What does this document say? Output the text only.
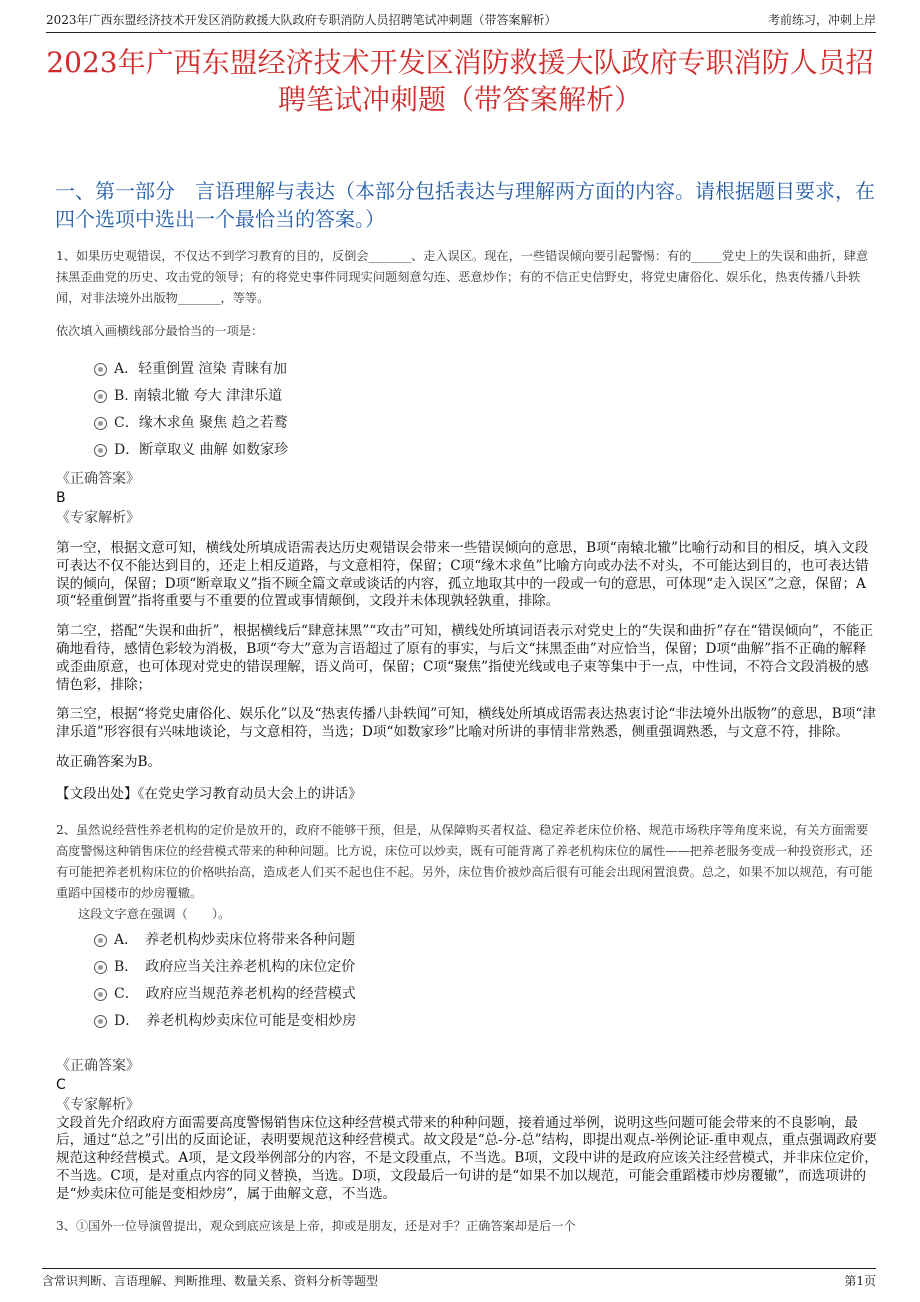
2023年广西东盟经济技术开发区消防救援大队政府专职消防人员招聘笔试冲刺题（带答案解析）	考前练习，冲刺上岸
2023年广西东盟经济技术开发区消防救援大队政府专职消防人员招聘笔试冲刺题（带答案解析）
一、第一部分　言语理解与表达（本部分包括表达与理解两方面的内容。请根据题目要求，在四个选项中选出一个最恰当的答案。）

1、如果历史观错误，不仅达不到学习教育的目的，反倒会_______、走入误区。现在，一些错误倾向要引起警惕：有的_____党史上的失误和曲折，肆意抹黑歪曲党的历史、攻击党的领导；有的将党史事件同现实问题刻意勾连、恶意炒作；有的不信正史信野史，将党史庸俗化、娱乐化，热衷传播八卦轶闻，对非法境外出版物_______，等等。

依次填入画横线部分最恰当的一项是：

A．轻重倒置 渲染 青睐有加
B. 南辕北辙 夸大 津津乐道
C．缘木求鱼 聚焦 趋之若鹜
D．断章取义 曲解 如数家珍

《正确答案》

B

《专家解析》

第一空，根据文意可知，横线处所填成语需表达历史观错误会带来一些错误倾向的意思，B项“南辕北辙”比喻行动和目的相反，填入文段可表达不仅不能达到目的，还走上相反道路，与文意相符，保留；C项“缘木求鱼”比喻方向或办法不对头，不可能达到目的，也可表达错误的倾向，保留；D项“断章取义”指不顾全篇文章或谈话的内容，孤立地取其中的一段或一句的意思，可体现“走入误区”之意，保留；A项“轻重倒置”指将重要与不重要的位置或事情颠倒，文段并未体现孰轻孰重，排除。

第二空，搭配“失误和曲折”，根据横线后“肆意抹黑”“攻击”可知，横线处所填词语表示对党史上的“失误和曲折”存在“错误倾向”，不能正确地看待，感情色彩较为消极，B项“夸大”意为言语超过了原有的事实，与后文“抹黑歪曲”对应恰当，保留；D项“曲解”指不正确的解释或歪曲原意，也可体现对党史的错误理解，语义尚可，保留；C项“聚焦”指使光线或电子束等集中于一点，中性词，不符合文段消极的感情色彩，排除；

第三空，根据“将党史庸俗化、娱乐化”以及“热衷传播八卦轶闻”可知，横线处所填成语需表达热衷讨论“非法境外出版物”的意思，B项“津津乐道”形容很有兴味地谈论，与文意相符，当选；D项“如数家珍”比喻对所讲的事情非常熟悉，侧重强调熟悉，与文意不符，排除。

故正确答案为B。

【文段出处】《在党史学习教育动员大会上的讲话》

2、虽然说经营性养老机构的定价是放开的，政府不能够干预，但是，从保障购买者权益、稳定养老床位价格、规范市场秩序等角度来说，有关方面需要高度警惕这种销售床位的经营模式带来的种种问题。比方说，床位可以炒卖，既有可能背离了养老机构床位的属性——把养老服务变成一种投资形式，还有可能把养老机构床位的价格哄抬高，造成老人们买不起也住不起。另外，床位售价被炒高后很有可能会出现闲置浪费。总之，如果不加以规范，有可能重蹈中国楼市的炒房覆辙。

这段文字意在强调（　　）。

A．　养老机构炒卖床位将带来各种问题
B．　政府应当关注养老机构的床位定价
C．　政府应当规范养老机构的经营模式
D．　养老机构炒卖床位可能是变相炒房

《正确答案》

C

《专家解析》

文段首先介绍政府方面需要高度警惕销售床位这种经营模式带来的种种问题，接着通过举例，说明这些问题可能会带来的不良影响，最后，通过“总之”引出的反面论证，表明要规范这种经营模式。故文段是“总-分-总”结构，即提出观点-举例论证-重申观点，重点强调政府要规范这种经营模式。A项，是文段举例部分的内容，不是文段重点，不当选。B项，文段中讲的是政府应该关注经营模式，并非床位定价，不当选。C项，是对重点内容的同义替换，当选。D项，文段最后一句讲的是“如果不加以规范，可能会重蹈楼市炒房覆辙”，而选项讲的是“炒卖床位可能是变相炒房”，属于曲解文意，不当选。

3、①国外一位导演曾提出，观众到底应该是上帝，抑或是朋友，还是对手？正确答案却是后一个

含常识判断、言语理解、判断推理、数量关系、资料分析等题型	第1页
